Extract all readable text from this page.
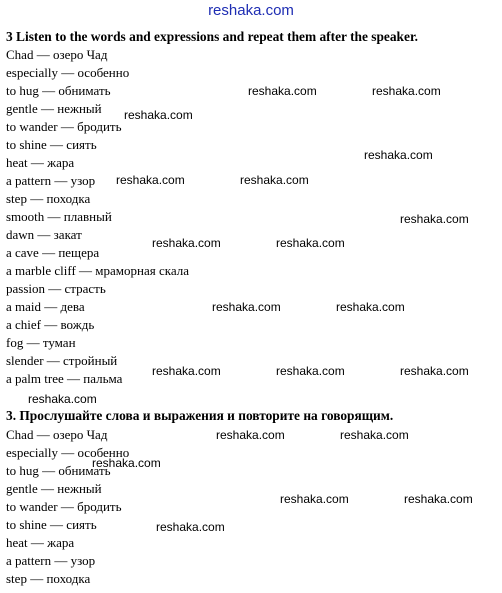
reshaka.com
3 Listen to the words and expressions and repeat them after the speaker.
Chad — озеро Чад
especially — особенно
to hug — обнимать
gentle — нежный
to wander — бродить
to shine — сиять
heat — жара
a pattern — узор
step — походка
smooth — плавный
dawn — закат
a cave — пещера
a marble cliff — мраморная скала
passion — страсть
a maid — дева
a chief — вождь
fog — туман
slender — стройный
a palm tree — пальма
3. Прослушайте слова и выражения и повторите на говорящим.
Chad — озеро Чад
especially — особенно
to hug — обнимать
gentle — нежный
to wander — бродить
to shine — сиять
heat — жара
a pattern — узор
step — походка
reshaka.com	reshaka.com
reshaka.com
reshaka.com
reshaka.com	reshaka.com
reshaka.com
reshaka.com	reshaka.com
reshaka.com	reshaka.com
reshaka.com	reshaka.com	reshaka.com
reshaka.com
reshaka.com	reshaka.com
reshaka.com
reshaka.com	reshaka.com
reshaka.com
